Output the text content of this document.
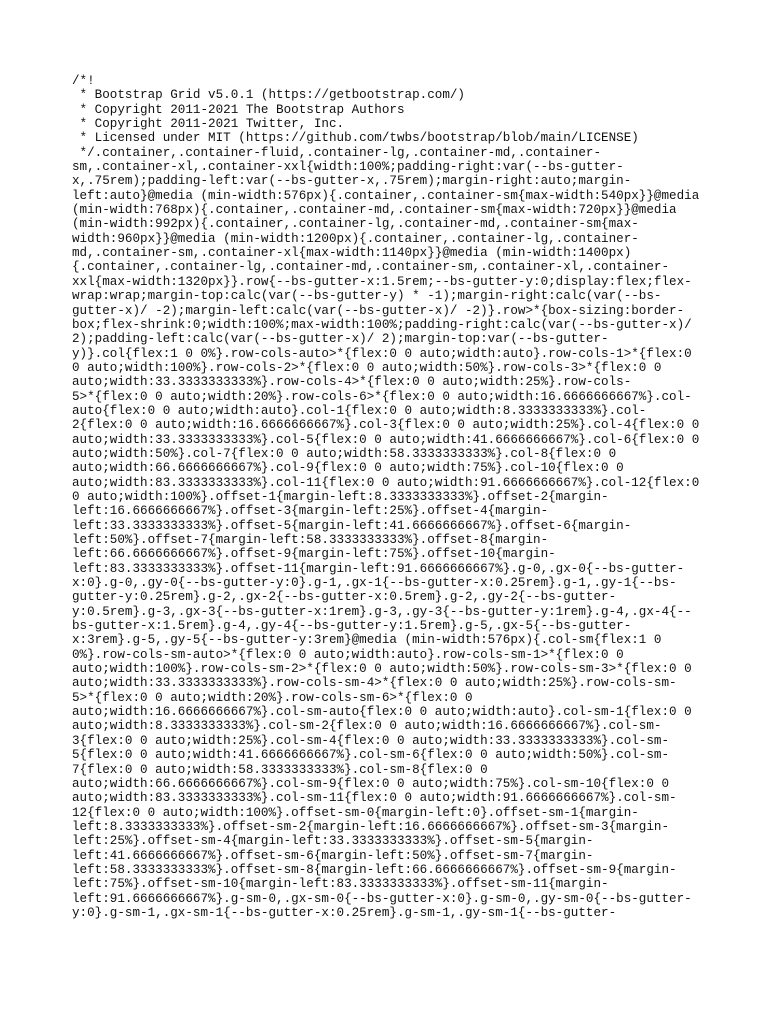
/*!
* Bootstrap Grid v5.0.1 (https://getbootstrap.com/)
* Copyright 2011-2021 The Bootstrap Authors
* Copyright 2011-2021 Twitter, Inc.
* Licensed under MIT (https://github.com/twbs/bootstrap/blob/main/LICENSE)
*/.container,.container-fluid,.container-lg,.container-md,.container-
sm,.container-xl,.container-xxl{width:100%;padding-right:var(--bs-gutter-
x,.75rem);padding-left:var(--bs-gutter-x,.75rem);margin-right:auto;margin-
left:auto}@media (min-width:576px){.container,.container-sm{max-width:540px}}@media
(min-width:768px){.container,.container-md,.container-sm{max-width:720px}}@media
(min-width:992px){.container,.container-lg,.container-md,.container-sm{max-
width:960px}}@media (min-width:1200px){.container,.container-lg,.container-
md,.container-sm,.container-xl{max-width:1140px}}@media (min-width:1400px)
{.container,.container-lg,.container-md,.container-sm,.container-xl,.container-
xxl{max-width:1320px}}.row{--bs-gutter-x:1.5rem;--bs-gutter-y:0;display:flex;flex-
wrap:wrap;margin-top:calc(var(--bs-gutter-y) * -1);margin-right:calc(var(--bs-
gutter-x)/ -2);margin-left:calc(var(--bs-gutter-x)/ -2)}.row>*{box-sizing:border-
box;flex-shrink:0;width:100%;max-width:100%;padding-right:calc(var(--bs-gutter-x)/
2);padding-left:calc(var(--bs-gutter-x)/ 2);margin-top:var(--bs-gutter-
y)}.col{flex:1 0 0%}.row-cols-auto>*{flex:0 0 auto;width:auto}.row-cols-1>*{flex:0
0 auto;width:100%}.row-cols-2>*{flex:0 0 auto;width:50%}.row-cols-3>*{flex:0 0
auto;width:33.3333333333%}.row-cols-4>*{flex:0 0 auto;width:25%}.row-cols-
5>*{flex:0 0 auto;width:20%}.row-cols-6>*{flex:0 0 auto;width:16.6666666667%}.col-
auto{flex:0 0 auto;width:auto}.col-1{flex:0 0 auto;width:8.3333333333%}.col-
2{flex:0 0 auto;width:16.6666666667%}.col-3{flex:0 0 auto;width:25%}.col-4{flex:0 0
auto;width:33.3333333333%}.col-5{flex:0 0 auto;width:41.6666666667%}.col-6{flex:0 0
auto;width:50%}.col-7{flex:0 0 auto;width:58.3333333333%}.col-8{flex:0 0
auto;width:66.6666666667%}.col-9{flex:0 0 auto;width:75%}.col-10{flex:0 0
auto;width:83.3333333333%}.col-11{flex:0 0 auto;width:91.6666666667%}.col-12{flex:0
0 auto;width:100%}.offset-1{margin-left:8.3333333333%}.offset-2{margin-
left:16.6666666667%}.offset-3{margin-left:25%}.offset-4{margin-
left:33.3333333333%}.offset-5{margin-left:41.6666666667%}.offset-6{margin-
left:50%}.offset-7{margin-left:58.3333333333%}.offset-8{margin-
left:66.6666666667%}.offset-9{margin-left:75%}.offset-10{margin-
left:83.3333333333%}.offset-11{margin-left:91.6666666667%}.g-0,.gx-0{--bs-gutter-
x:0}.g-0,.gy-0{--bs-gutter-y:0}.g-1,.gx-1{--bs-gutter-x:0.25rem}.g-1,.gy-1{--bs-
gutter-y:0.25rem}.g-2,.gx-2{--bs-gutter-x:0.5rem}.g-2,.gy-2{--bs-gutter-
y:0.5rem}.g-3,.gx-3{--bs-gutter-x:1rem}.g-3,.gy-3{--bs-gutter-y:1rem}.g-4,.gx-4{--
bs-gutter-x:1.5rem}.g-4,.gy-4{--bs-gutter-y:1.5rem}.g-5,.gx-5{--bs-gutter-
x:3rem}.g-5,.gy-5{--bs-gutter-y:3rem}@media (min-width:576px){.col-sm{flex:1 0
0%}.row-cols-sm-auto>*{flex:0 0 auto;width:auto}.row-cols-sm-1>*{flex:0 0
auto;width:100%}.row-cols-sm-2>*{flex:0 0 auto;width:50%}.row-cols-sm-3>*{flex:0 0
auto;width:33.3333333333%}.row-cols-sm-4>*{flex:0 0 auto;width:25%}.row-cols-sm-
5>*{flex:0 0 auto;width:20%}.row-cols-sm-6>*{flex:0 0
auto;width:16.6666666667%}.col-sm-auto{flex:0 0 auto;width:auto}.col-sm-1{flex:0 0
auto;width:8.3333333333%}.col-sm-2{flex:0 0 auto;width:16.6666666667%}.col-sm-
3{flex:0 0 auto;width:25%}.col-sm-4{flex:0 0 auto;width:33.3333333333%}.col-sm-
5{flex:0 0 auto;width:41.6666666667%}.col-sm-6{flex:0 0 auto;width:50%}.col-sm-
7{flex:0 0 auto;width:58.3333333333%}.col-sm-8{flex:0 0
auto;width:66.6666666667%}.col-sm-9{flex:0 0 auto;width:75%}.col-sm-10{flex:0 0
auto;width:83.3333333333%}.col-sm-11{flex:0 0 auto;width:91.6666666667%}.col-sm-
12{flex:0 0 auto;width:100%}.offset-sm-0{margin-left:0}.offset-sm-1{margin-
left:8.3333333333%}.offset-sm-2{margin-left:16.6666666667%}.offset-sm-3{margin-
left:25%}.offset-sm-4{margin-left:33.3333333333%}.offset-sm-5{margin-
left:41.6666666667%}.offset-sm-6{margin-left:50%}.offset-sm-7{margin-
left:58.3333333333%}.offset-sm-8{margin-left:66.6666666667%}.offset-sm-9{margin-
left:75%}.offset-sm-10{margin-left:83.3333333333%}.offset-sm-11{margin-
left:91.6666666667%}.g-sm-0,.gx-sm-0{--bs-gutter-x:0}.g-sm-0,.gy-sm-0{--bs-gutter-
y:0}.g-sm-1,.gx-sm-1{--bs-gutter-x:0.25rem}.g-sm-1,.gy-sm-1{--bs-gutter-
